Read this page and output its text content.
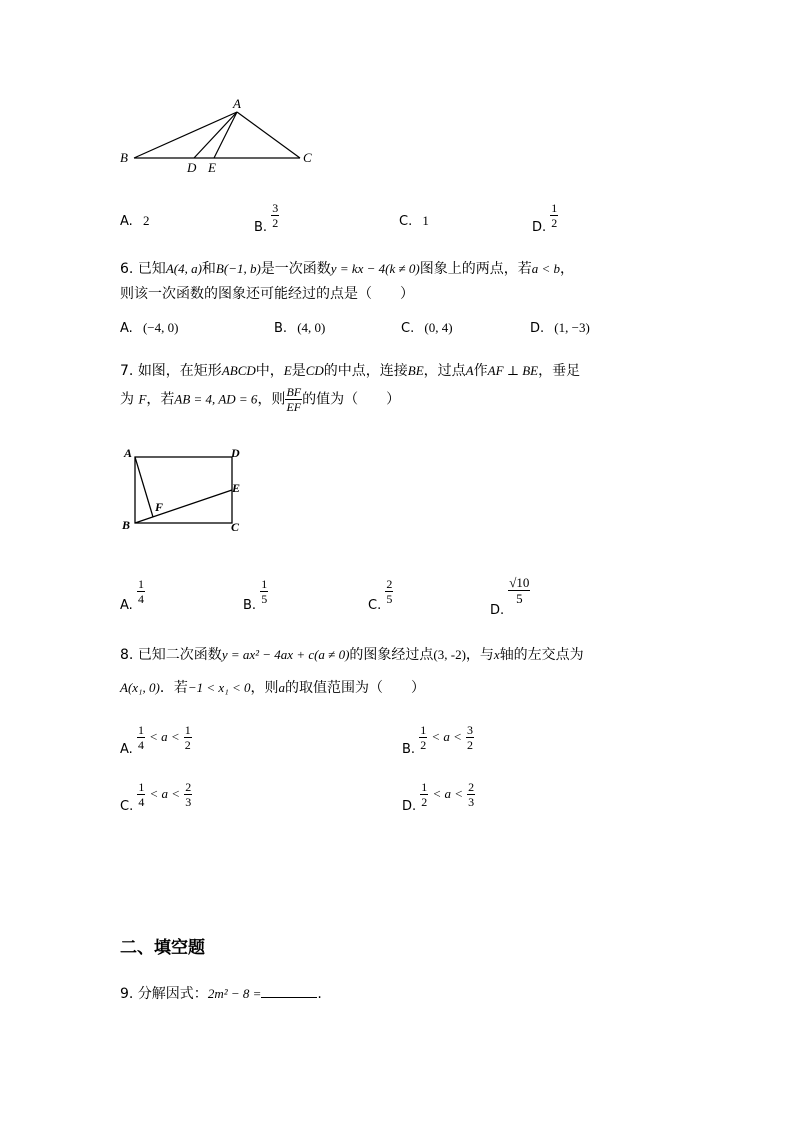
A
B	C
D E
A. 2	B. $\frac{3}{2}$	C. 1	D. $\frac{1}{2}$
6. 已知A(4, a)和B(−1, b)是一次函数y = kx − 4(k ≠ 0)图象上的两点，若a < b，
则该一次函数的图象还可能经过的点是（　　）
A. (−4, 0)	B. (4, 0)	C. (0, 4)	D. (1, −3)
7. 如图，在矩形ABCD中，E是CD的中点，连接BE，过点A作AF ⊥ BE，垂足
为 F，若AB = 4, AD = 6，则 $\frac{BF}{EF}$ 的值为（　　）
A	D
E
F
B	C
A.
$\frac{1}{4}$
B.
$\frac{1}{5}$
C.
$\frac{2}{5}$
D.
$\frac{√10}{5}$
8. 已知二次函数y = ax² − 4ax + c(a ≠ 0)的图象经过点(3, -2)，与x轴的左交点为
A(x₁, 0)．若−1 < x₁ < 0，则a的取值范围为（　　）
A. $\frac{1}{4} < a < \frac{1}{2}$	B. $\frac{1}{2} < a < \frac{3}{2}$
C. $\frac{1}{4} < a < \frac{2}{3}$	D. $\frac{1}{2} < a < \frac{2}{3}$
二、填空题
9. 分解因式：2m² − 8 =	.
